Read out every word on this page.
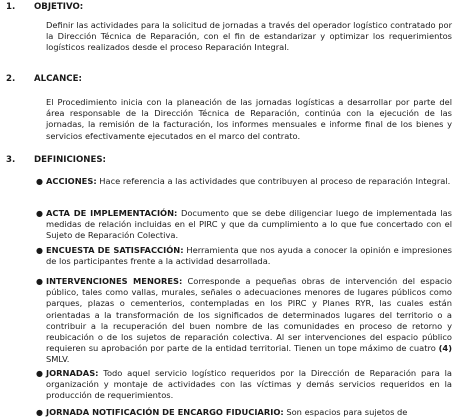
1. OBJETIVO:
Definir las actividades para la solicitud de jornadas a través del operador logístico contratado por la Dirección Técnica de Reparación, con el fin de estandarizar y optimizar los requerimientos logísticos realizados desde el proceso Reparación Integral.
2. ALCANCE:
El Procedimiento inicia con la planeación de las jornadas logísticas a desarrollar por parte del área responsable de la Dirección Técnica de Reparación, continúa con la ejecución de las jornadas, la remisión de la facturación, los informes mensuales e informe final de los bienes y servicios efectivamente ejecutados en el marco del contrato.
3. DEFINICIONES:
● ACCIONES: Hace referencia a las actividades que contribuyen al proceso de reparación Integral.
● ACTA DE IMPLEMENTACIÓN: Documento que se debe diligenciar luego de implementada las medidas de relación incluidas en el PIRC y que da cumplimiento a lo que fue concertado con el Sujeto de Reparación Colectiva.
● ENCUESTA DE SATISFACCIÓN: Herramienta que nos ayuda a conocer la opinión e impresiones de los participantes frente a la actividad desarrollada.
● INTERVENCIONES MENORES: Corresponde a pequeñas obras de intervención del espacio público, tales como vallas, murales, señales o adecuaciones menores de lugares públicos como parques, plazas o cementerios, contempladas en los PIRC y Planes RYR, las cuales están orientadas a la transformación de los significados de determinados lugares del territorio o a contribuir a la recuperación del buen nombre de las comunidades en proceso de retorno y reubicación o de los sujetos de reparación colectiva. Al ser intervenciones del espacio público requieren su aprobación por parte de la entidad territorial. Tienen un tope máximo de cuatro (4) SMLV.
● JORNADAS: Todo aquel servicio logístico requeridos por la Dirección de Reparación para la organización y montaje de actividades con las víctimas y demás servicios requeridos en la producción de requerimientos.
● JORNADA NOTIFICACIÓN DE ENCARGO FIDUCIARIO: Son espacios para sujetos de
